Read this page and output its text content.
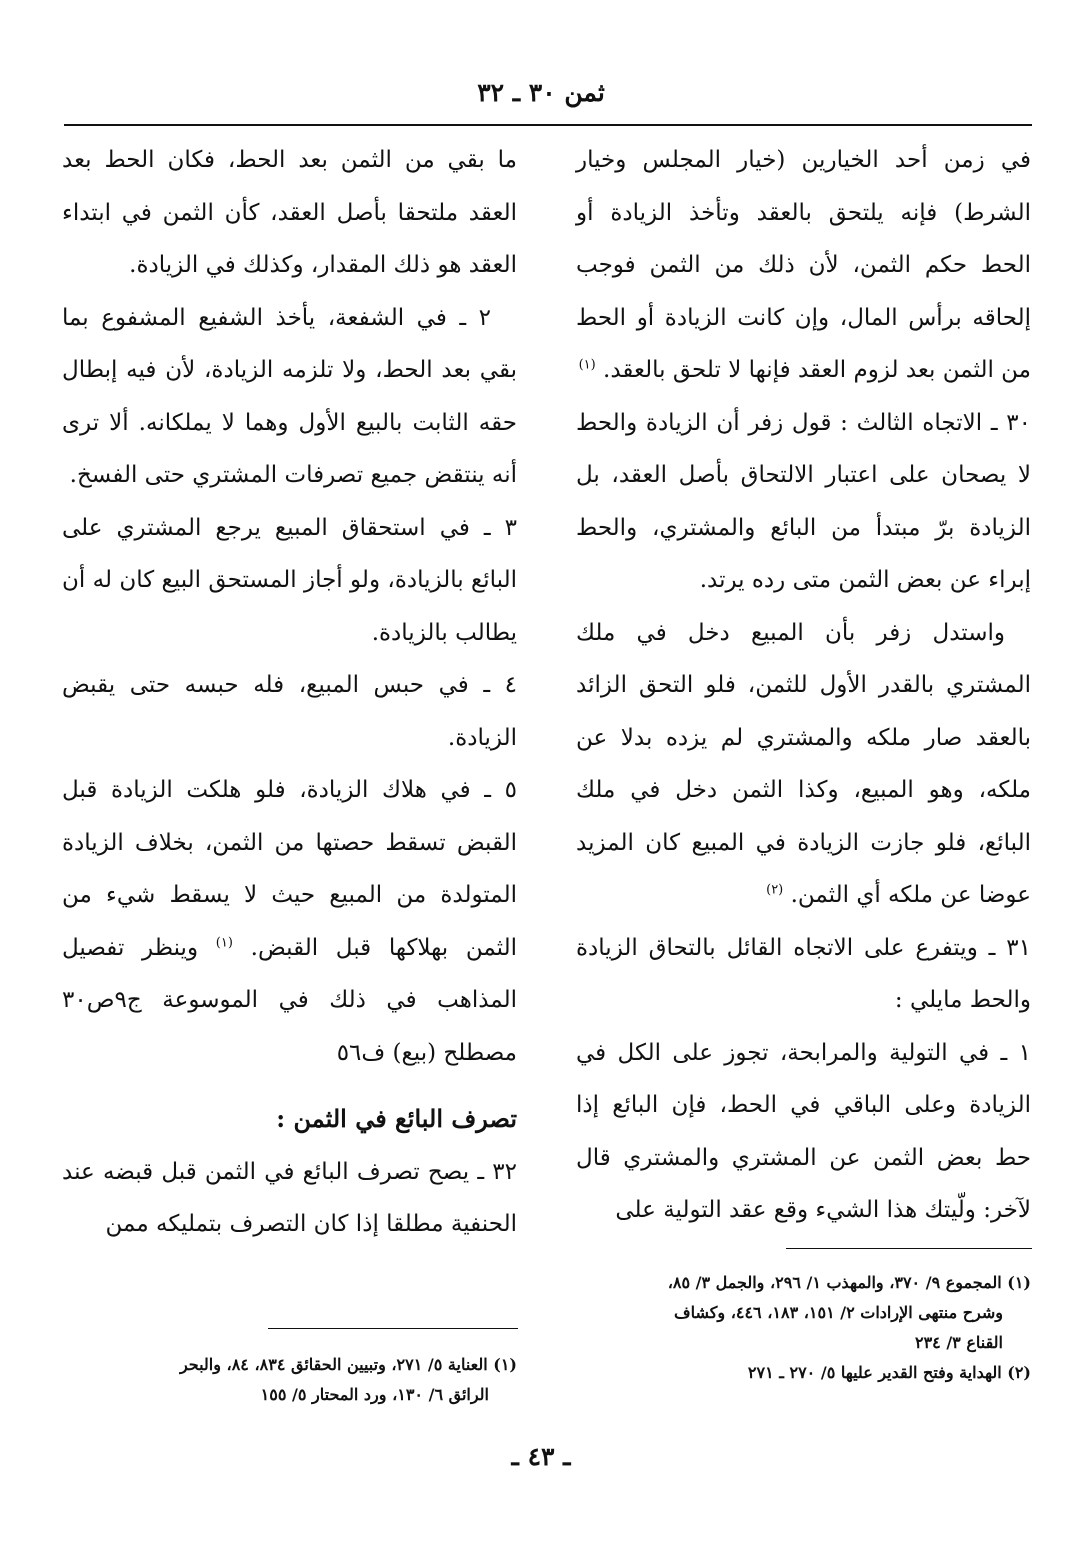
ثمن ٣٠ ـ ٣٢

في زمن أحد الخيارين (خيار المجلس وخيار الشرط) فإنه يلتحق بالعقد وتأخذ الزيادة أو الحط حكم الثمن، لأن ذلك من الثمن فوجب إلحاقه برأس المال، وإن كانت الزيادة أو الحط من الثمن بعد لزوم العقد فإنها لا تلحق بالعقد. $^{(١)}$

٣٠ ـ الاتجاه الثالث : قول زفر أن الزيادة والحط لا يصحان على اعتبار الالتحاق بأصل العقد، بل الزيادة برّ مبتدأ من البائع والمشتري، والحط إبراء عن بعض الثمن متى رده يرتد.

واستدل زفر بأن المبيع دخل في ملك المشتري بالقدر الأول للثمن، فلو التحق الزائد بالعقد صار ملكه والمشتري لم يزده بدلا عن ملكه، وهو المبيع، وكذا الثمن دخل في ملك البائع، فلو جازت الزيادة في المبيع كان المزيد عوضا عن ملكه أي الثمن. $^{(٢)}$

٣١ ـ ويتفرع على الاتجاه القائل بالتحاق الزيادة والحط مايلي :

١ ـ في التولية والمرابحة، تجوز على الكل في الزيادة وعلى الباقي في الحط، فإن البائع إذا حط بعض الثمن عن المشتري والمشتري قال لآخر: ولّيتك هذا الشيء وقع عقد التولية على

ما بقي من الثمن بعد الحط، فكان الحط بعد العقد ملتحقا بأصل العقد، كأن الثمن في ابتداء العقد هو ذلك المقدار، وكذلك في الزيادة.

٢ ـ في الشفعة، يأخذ الشفيع المشفوع بما بقي بعد الحط، ولا تلزمه الزيادة، لأن فيه إبطال حقه الثابت بالبيع الأول وهما لا يملكانه. ألا ترى أنه ينتقض جميع تصرفات المشتري حتى الفسخ.

٣ ـ في استحقاق المبيع يرجع المشتري على البائع بالزيادة، ولو أجاز المستحق البيع كان له أن يطالب بالزيادة.

٤ ـ في حبس المبيع، فله حبسه حتى يقبض الزيادة.

٥ ـ في هلاك الزيادة، فلو هلكت الزيادة قبل القبض تسقط حصتها من الثمن، بخلاف الزيادة المتولدة من المبيع حيث لا يسقط شيء من الثمن بهلاكها قبل القبض. $^{(١)}$ وينظر تفصيل المذاهب في ذلك في الموسوعة ج٩ص٣٠ مصطلح (بيع) ف٥٦

تصرف البائع في الثمن :

٣٢ ـ يصح تصرف البائع في الثمن قبل قبضه عند الحنفية مطلقا إذا كان التصرف بتمليكه ممن

(١) المجموع ٩/ ٣٧٠، والمهذب ١/ ٢٩٦، والجمل ٣/ ٨٥،

وشرح منتهى الإرادات ٢/ ١٥١، ١٨٣، ٤٤٦، وكشاف

القناع ٣/ ٢٣٤

(٢) الهداية وفتح القدير عليها ٥/ ٢٧٠ ـ ٢٧١

(١) العناية ٥/ ٢٧١، وتبيين الحقائق ٨٣٤، ٨٤، والبحر

الرائق ٦/ ١٣٠، ورد المحتار ٥/ ١٥٥

ـ ٤٣ ـ
